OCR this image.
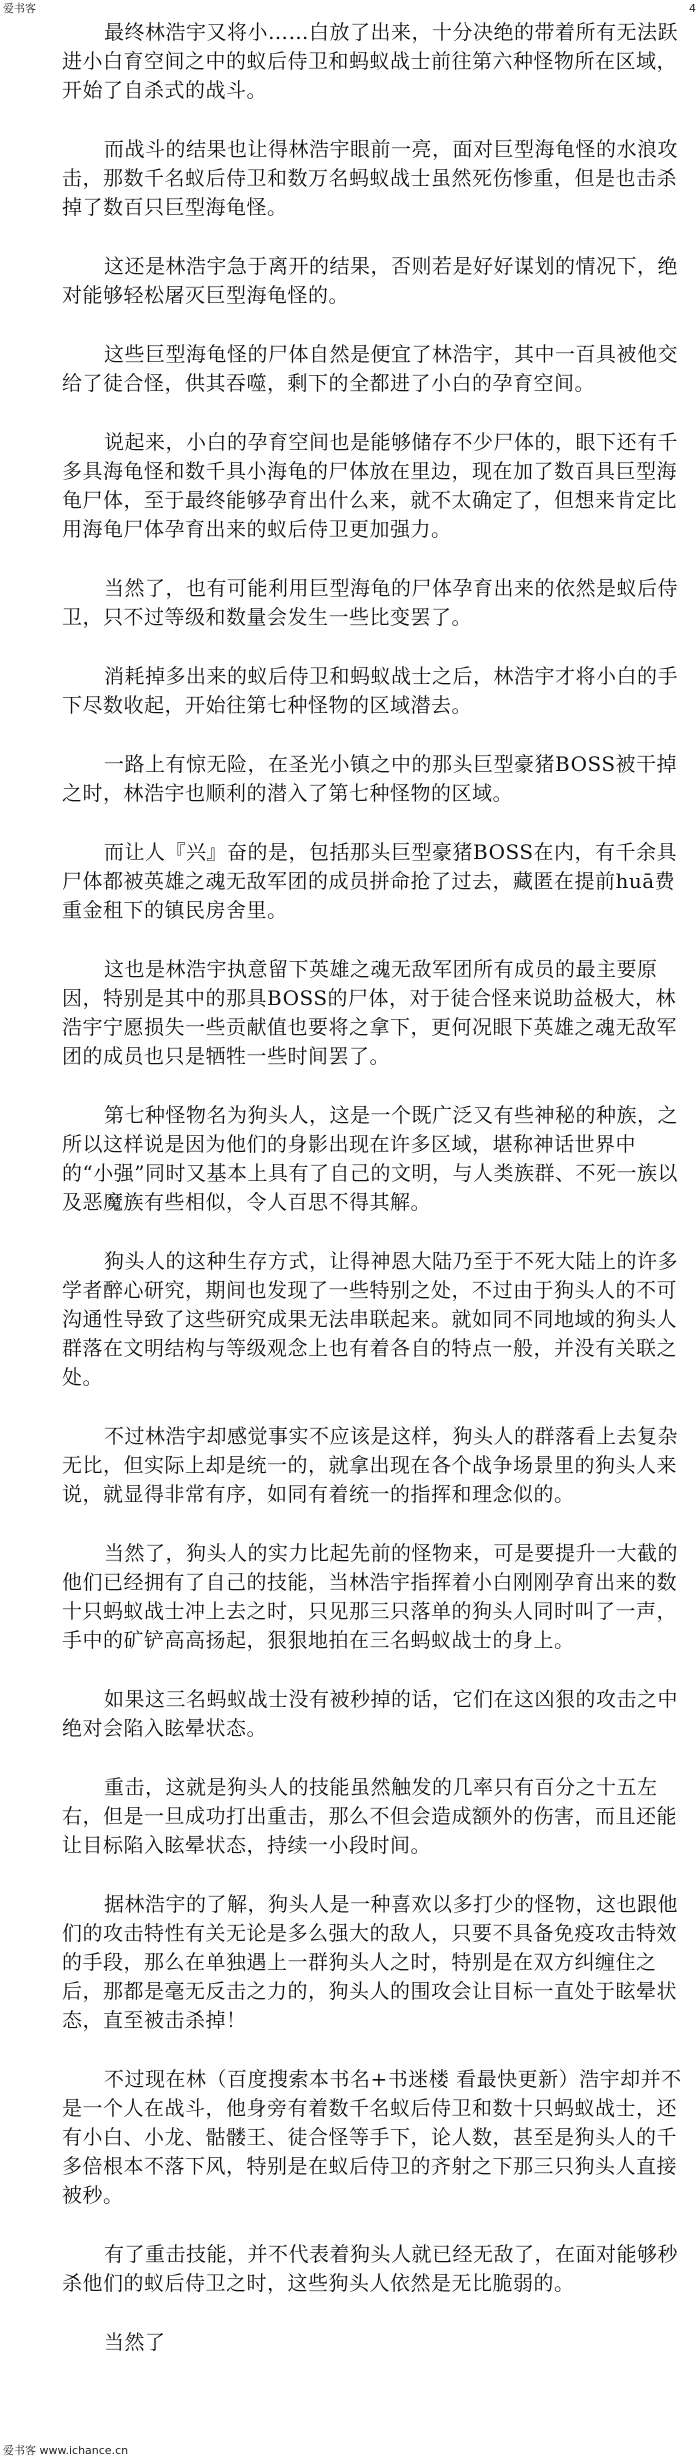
爱书客	4

最终林浩宇又将小……白放了出来，十分决绝的带着所有无法跃进小白育空间之中的蚁后侍卫和蚂蚁战士前往第六种怪物所在区域，开始了自杀式的战斗。

而战斗的结果也让得林浩宇眼前一亮，面对巨型海龟怪的水浪攻击，那数千名蚁后侍卫和数万名蚂蚁战士虽然死伤惨重，但是也击杀掉了数百只巨型海龟怪。

这还是林浩宇急于离开的结果，否则若是好好谋划的情况下，绝对能够轻松屠灭巨型海龟怪的。

这些巨型海龟怪的尸体自然是便宜了林浩宇，其中一百具被他交给了徒合怪，供其吞噬，剩下的全都进了小白的孕育空间。

说起来，小白的孕育空间也是能够储存不少尸体的，眼下还有千多具海龟怪和数千具小海龟的尸体放在里边，现在加了数百具巨型海龟尸体，至于最终能够孕育出什么来，就不太确定了，但想来肯定比用海龟尸体孕育出来的蚁后侍卫更加强力。

当然了，也有可能利用巨型海龟的尸体孕育出来的依然是蚁后侍卫，只不过等级和数量会发生一些比变罢了。

消耗掉多出来的蚁后侍卫和蚂蚁战士之后，林浩宇才将小白的手下尽数收起，开始往第七种怪物的区域潜去。

一路上有惊无险，在圣光小镇之中的那头巨型豪猪BOSS被干掉之时，林浩宇也顺利的潜入了第七种怪物的区域。

而让人『兴』奋的是，包括那头巨型豪猪BOSS在内，有千余具尸体都被英雄之魂无敌军团的成员拼命抢了过去，藏匿在提前huā费重金租下的镇民房舍里。

这也是林浩宇执意留下英雄之魂无敌军团所有成员的最主要原因，特别是其中的那具BOSS的尸体，对于徒合怪来说助益极大，林浩宇宁愿损失一些贡献值也要将之拿下，更何况眼下英雄之魂无敌军团的成员也只是牺牲一些时间罢了。

第七种怪物名为狗头人，这是一个既广泛又有些神秘的种族，之所以这样说是因为他们的身影出现在许多区域，堪称神话世界中的“小强”同时又基本上具有了自己的文明，与人类族群、不死一族以及恶魔族有些相似，令人百思不得其解。

狗头人的这种生存方式，让得神恩大陆乃至于不死大陆上的许多学者醉心研究，期间也发现了一些特别之处，不过由于狗头人的不可沟通性导致了这些研究成果无法串联起来。就如同不同地域的狗头人群落在文明结构与等级观念上也有着各自的特点一般，并没有关联之处。

不过林浩宇却感觉事实不应该是这样，狗头人的群落看上去复杂无比，但实际上却是统一的，就拿出现在各个战争场景里的狗头人来说，就显得非常有序，如同有着统一的指挥和理念似的。

当然了，狗头人的实力比起先前的怪物来，可是要提升一大截的他们已经拥有了自己的技能，当林浩宇指挥着小白刚刚孕育出来的数十只蚂蚁战士冲上去之时，只见那三只落单的狗头人同时叫了一声，手中的矿铲高高扬起，狠狠地拍在三名蚂蚁战士的身上。

如果这三名蚂蚁战士没有被秒掉的话，它们在这凶狠的攻击之中绝对会陷入眩晕状态。

重击，这就是狗头人的技能虽然触发的几率只有百分之十五左右，但是一旦成功打出重击，那么不但会造成额外的伤害，而且还能让目标陷入眩晕状态，持续一小段时间。

据林浩宇的了解，狗头人是一种喜欢以多打少的怪物，这也跟他们的攻击特性有关无论是多么强大的敌人，只要不具备免疫攻击特效的手段，那么在单独遇上一群狗头人之时，特别是在双方纠缠住之后，那都是毫无反击之力的，狗头人的围攻会让目标一直处于眩晕状态，直至被击杀掉！

不过现在林（百度搜索本书名+书迷楼 看最快更新）浩宇却并不是一个人在战斗，他身旁有着数千名蚁后侍卫和数十只蚂蚁战士，还有小白、小龙、骷髅王、徒合怪等手下，论人数，甚至是狗头人的千多倍根本不落下风，特别是在蚁后侍卫的齐射之下那三只狗头人直接被秒。

有了重击技能，并不代表着狗头人就已经无敌了，在面对能够秒杀他们的蚁后侍卫之时，这些狗头人依然是无比脆弱的。

当然了

爱书客 www.ichance.cn
